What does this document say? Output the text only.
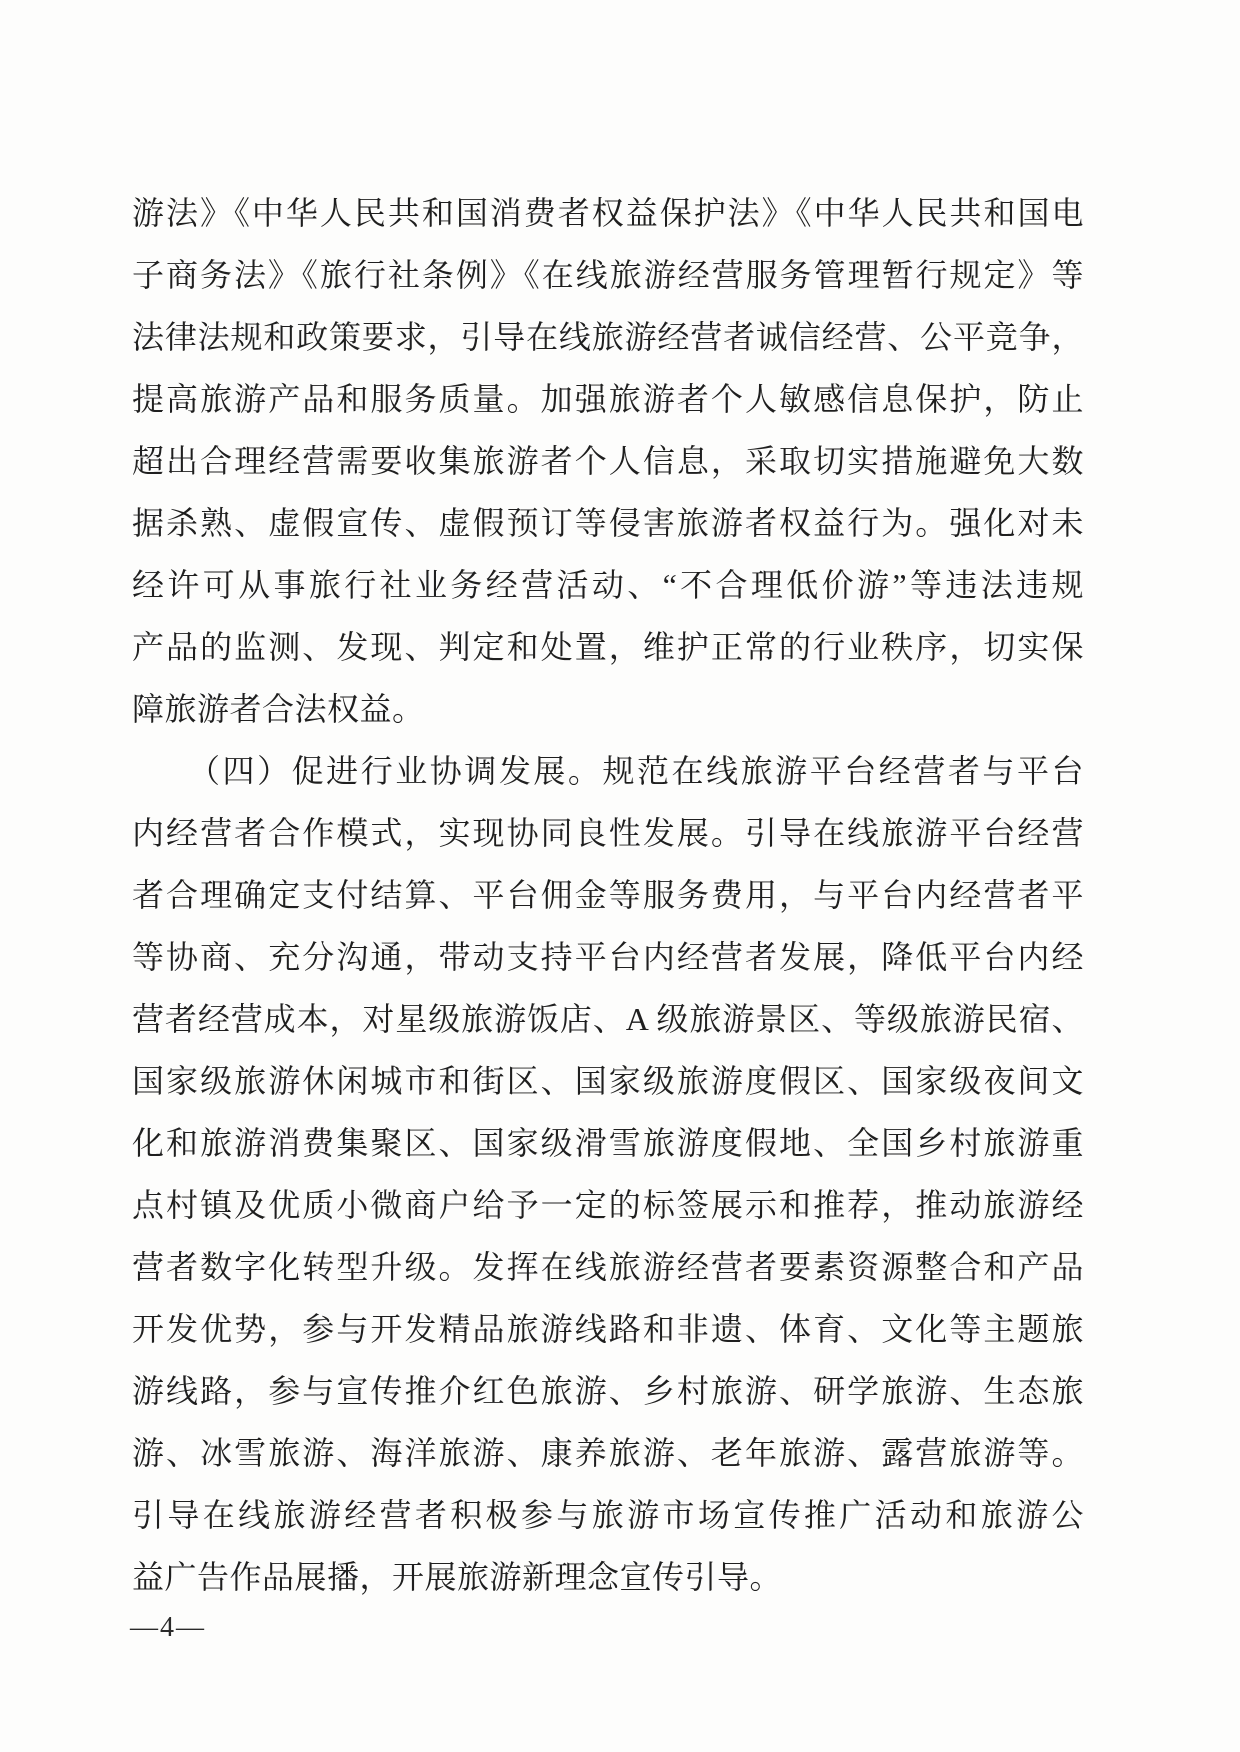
游法》《中华人民共和国消费者权益保护法》《中华人民共和国电
子商务法》《旅行社条例》《在线旅游经营服务管理暂行规定》等
法律法规和政策要求，引导在线旅游经营者诚信经营、公平竞争，
提高旅游产品和服务质量。加强旅游者个人敏感信息保护，防止
超出合理经营需要收集旅游者个人信息，采取切实措施避免大数
据杀熟、虚假宣传、虚假预订等侵害旅游者权益行为。强化对未
经许可从事旅行社业务经营活动、“不合理低价游”等违法违规
产品的监测、发现、判定和处置，维护正常的行业秩序，切实保
障旅游者合法权益。
（四）促进行业协调发展。规范在线旅游平台经营者与平台
内经营者合作模式，实现协同良性发展。引导在线旅游平台经营
者合理确定支付结算、平台佣金等服务费用，与平台内经营者平
等协商、充分沟通，带动支持平台内经营者发展，降低平台内经
营者经营成本，对星级旅游饭店、A 级旅游景区、等级旅游民宿、
国家级旅游休闲城市和街区、国家级旅游度假区、国家级夜间文
化和旅游消费集聚区、国家级滑雪旅游度假地、全国乡村旅游重
点村镇及优质小微商户给予一定的标签展示和推荐，推动旅游经
营者数字化转型升级。发挥在线旅游经营者要素资源整合和产品
开发优势，参与开发精品旅游线路和非遗、体育、文化等主题旅
游线路，参与宣传推介红色旅游、乡村旅游、研学旅游、生态旅
游、冰雪旅游、海洋旅游、康养旅游、老年旅游、露营旅游等。
引导在线旅游经营者积极参与旅游市场宣传推广活动和旅游公
益广告作品展播，开展旅游新理念宣传引导。
—4—
